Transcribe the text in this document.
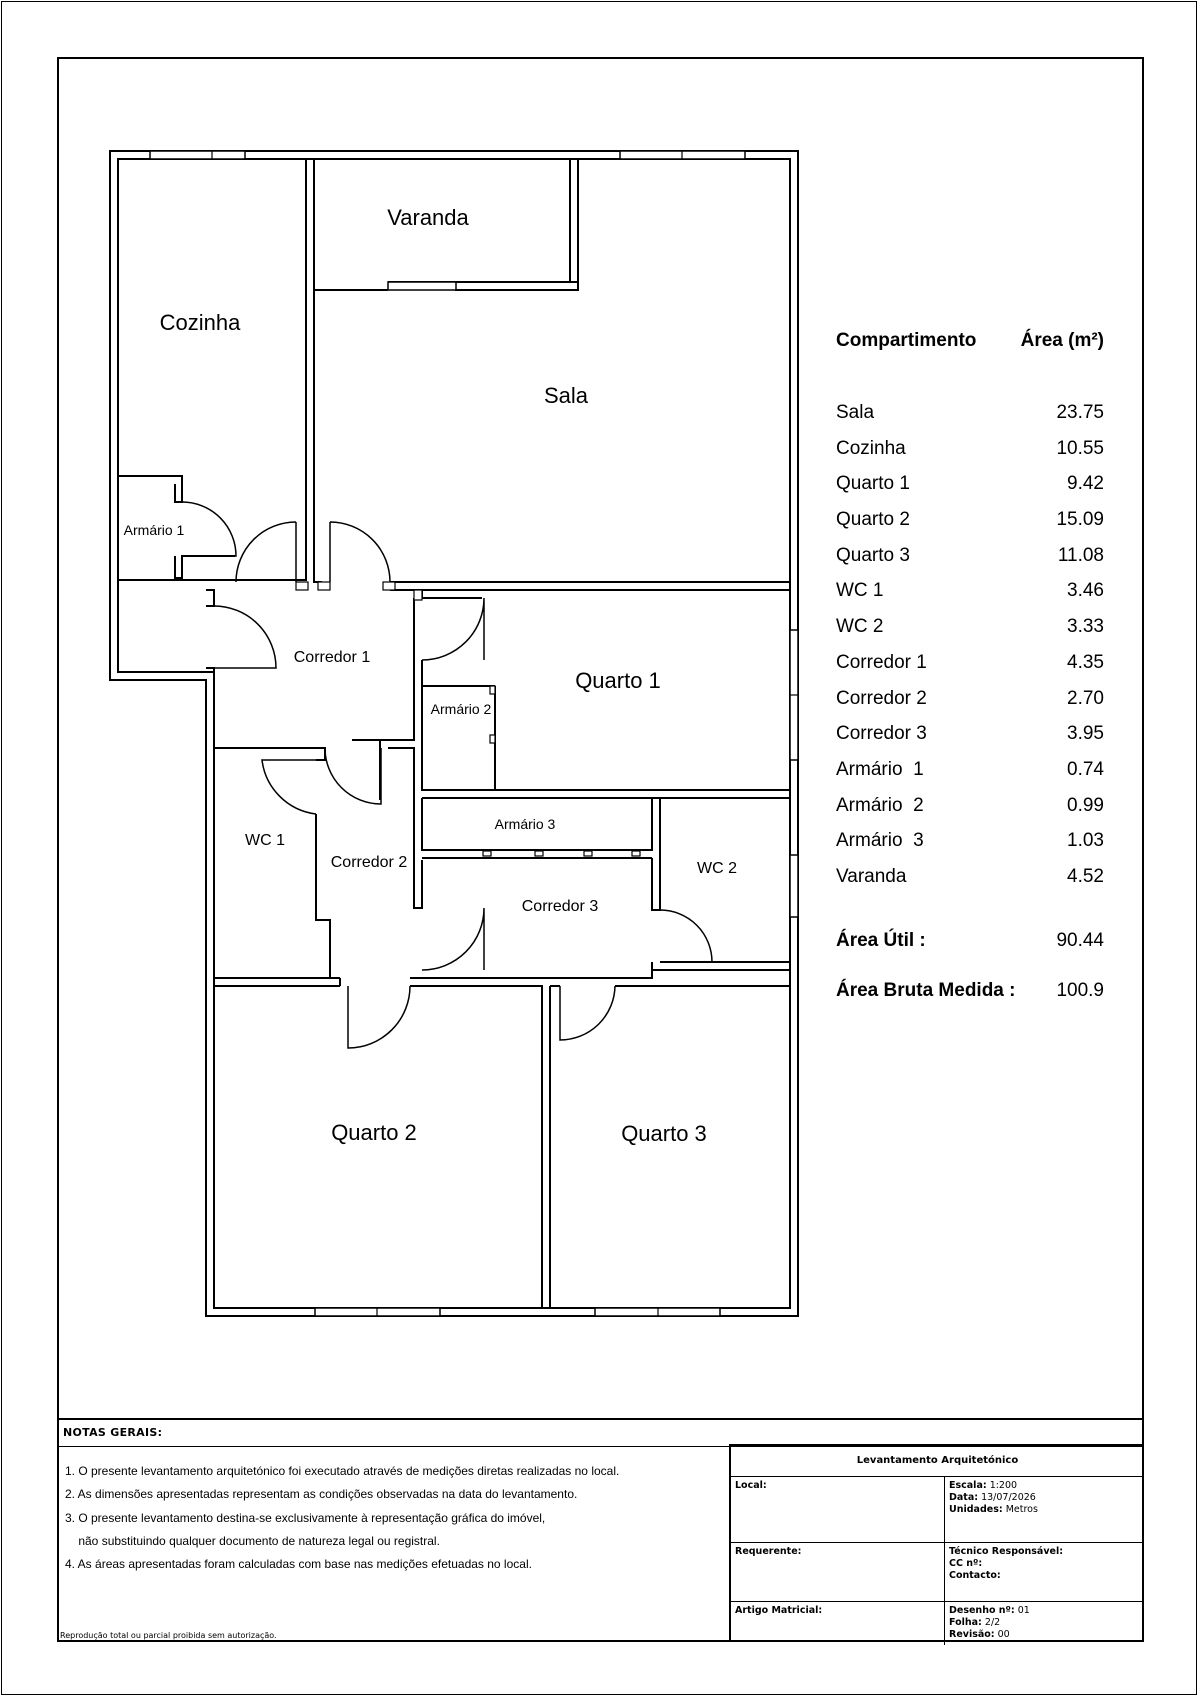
Cozinha
Varanda
Sala
Armário 1
Corredor 1
Quarto 1
Armário 2
Armário 3
WC 1
Corredor 2
Corredor 3
WC 2
Quarto 2	Quarto 3
Compartimento Área (m²)
Sala	23.75
Cozinha	10.55
Quarto 1	9.42
Quarto 2	15.09
Quarto 3	11.08
WC 1	3.46
WC 2	3.33
Corredor 1	4.35
Corredor 2	2.70
Corredor 3	3.95
Armário  1	0.74
Armário  2	0.99
Armário  3	1.03
Varanda	4.52
Área Útil :	90.44
Área Bruta Medida : 100.9
NOTAS GERAIS:
1. O presente levantamento arquitetónico foi executado através de medições diretas realizadas no local.
2. As dimensões apresentadas representam as condições observadas na data do levantamento.
3. O presente levantamento destina-se exclusivamente à representação gráfica do imóvel,
não substituindo qualquer documento de natureza legal ou registral.
4. As áreas apresentadas foram calculadas com base nas medições efetuadas no local.
Reprodução total ou parcial proibida sem autorização.
Levantamento Arquitetónico
Local:	Escala: 1:200
Data: 13/07/2026
Unidades: Metros
Requerente:	Técnico Responsável:
CC nº:
Contacto:
Artigo Matricial:	Desenho nº: 01
Folha: 2/2
Revisão: 00
